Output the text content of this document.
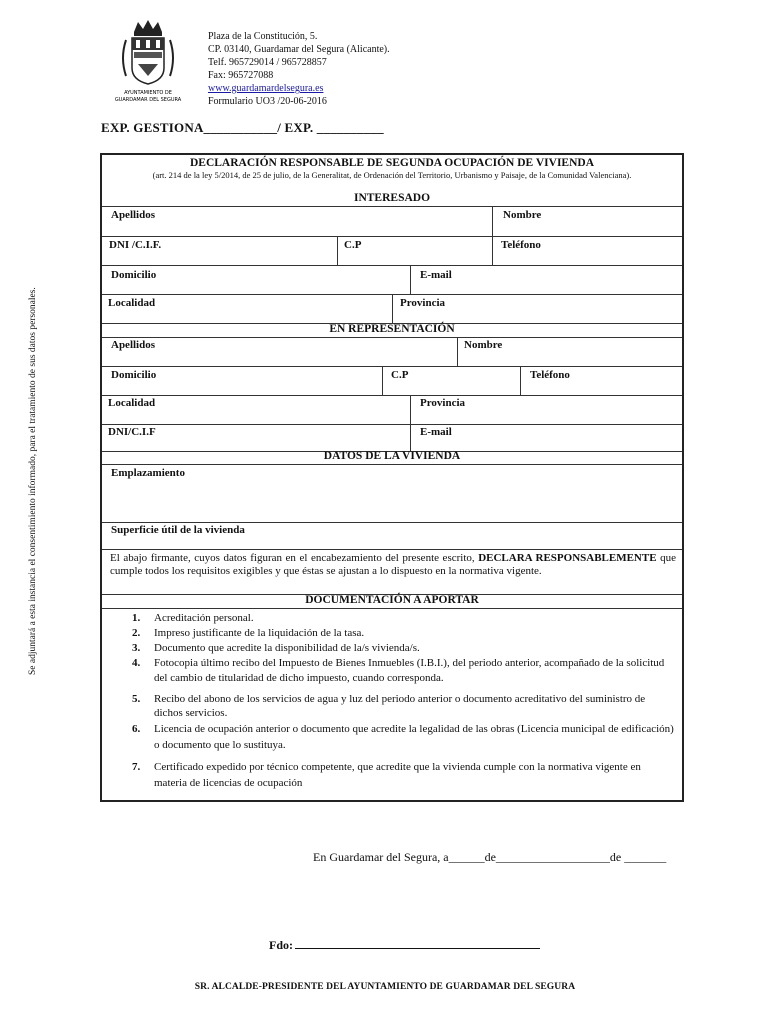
AYUNTAMIENTO DE
GUARDAMAR DEL SEGURA
Plaza de la Constitución, 5.
CP. 03140, Guardamar del Segura (Alicante).
Telf. 965729014 / 965728857
Fax: 965727088
www.guardamardelsegura.es
Formulario UO3 /20-06-2016
EXP. GESTIONA___________/ EXP. __________
Se adjuntará a esta instancia el consentimiento informado, para el tratamiento de sus datos personales.
DECLARACIÓN RESPONSABLE DE SEGUNDA OCUPACIÓN DE VIVIENDA
(art. 214 de la ley 5/2014, de 25 de julio, de la Generalitat, de Ordenación del Territorio, Urbanismo y Paisaje, de la Comunidad Valenciana).
INTERESADO
Apellidos	Nombre
DNI /C.I.F.	C.P	Teléfono
Domicilio	E-mail
Localidad	Provincia
EN REPRESENTACIÓN
Apellidos	Nombre
Domicilio	C.P	Teléfono
Localidad	Provincia
DNI/C.I.F	E-mail
DATOS DE LA VIVIENDA
Emplazamiento
Superficie útil de la vivienda
El abajo firmante, cuyos datos figuran en el encabezamiento del presente escrito, DECLARA RESPONSABLEMENTE que cumple todos los requisitos exigibles y que éstas se ajustan a lo dispuesto en la normativa vigente.
DOCUMENTACIÓN A APORTAR
1. Acreditación personal.
2. Impreso justificante de la liquidación de la tasa.
3. Documento que acredite la disponibilidad de la/s vivienda/s.
4. Fotocopia último recibo del Impuesto de Bienes Inmuebles (I.B.I.), del periodo anterior, acompañado de la solicitud del cambio de titularidad de dicho impuesto, cuando corresponda.
5. Recibo del abono de los servicios de agua y luz del periodo anterior o documento acreditativo del suministro de dichos servicios.
6. Licencia de ocupación anterior o documento que acredite la legalidad de las obras (Licencia municipal de edificación) o documento que lo sustituya.
7. Certificado expedido por técnico competente, que acredite que la vivienda cumple con la normativa vigente en materia de licencias de ocupación
En Guardamar del Segura, a______de___________________de _______
Fdo:
SR. ALCALDE-PRESIDENTE DEL AYUNTAMIENTO DE GUARDAMAR DEL SEGURA
